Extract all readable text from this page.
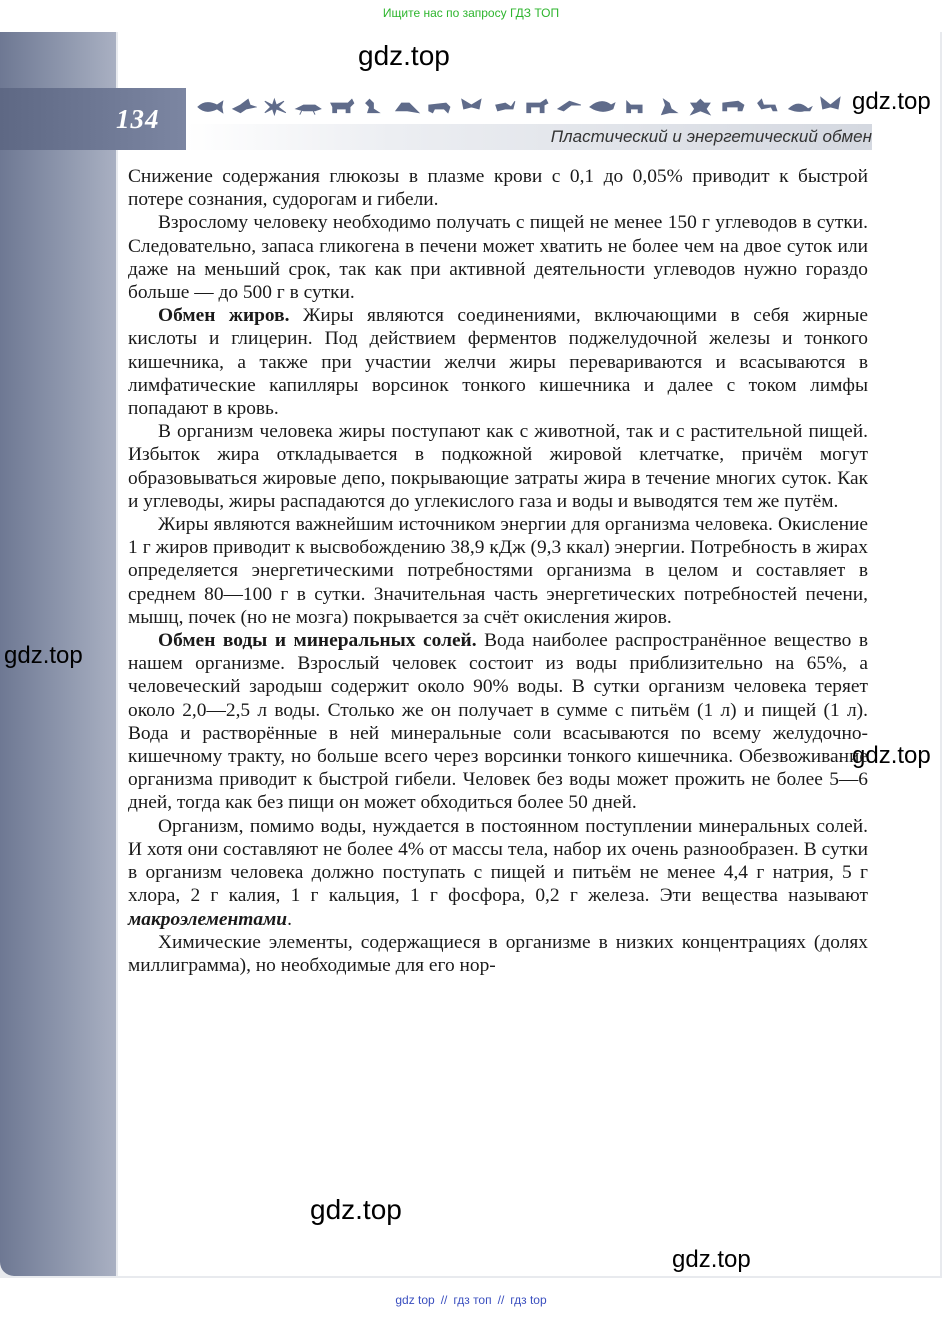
Ищите нас по запросу ГДЗ ТОП
134
Пластический и энергетический обмен
gdz.top
gdz.top
gdz.top
gdz.top
gdz.top
gdz.top

Снижение содержания глюкозы в плазме крови с 0,1 до 0,05% приводит к быстрой потере сознания, судорогам и гибели.

Взрослому человеку необходимо получать с пищей не менее 150 г углеводов в сутки. Следовательно, запаса гликогена в печени может хватить не более чем на двое суток или даже на меньший срок, так как при активной деятельности углеводов нужно гораздо больше — до 500 г в сутки.

Обмен жиров. Жиры являются соединениями, включающими в себя жирные кислоты и глицерин. Под действием ферментов поджелудочной железы и тонкого кишечника, а также при участии желчи жиры перевариваются и всасываются в лимфатические капилляры ворсинок тонкого кишечника и далее с током лимфы попадают в кровь.

В организм человека жиры поступают как с животной, так и с растительной пищей. Избыток жира откладывается в подкожной жировой клетчатке, причём могут образовываться жировые депо, покрывающие затраты жира в течение многих суток. Как и углеводы, жиры распадаются до углекислого газа и воды и выводятся тем же путём.

Жиры являются важнейшим источником энергии для организма человека. Окисление 1 г жиров приводит к высвобождению 38,9 кДж (9,3 ккал) энергии. Потребность в жирах определяется энергетическими потребностями организма в целом и составляет в среднем 80—100 г в сутки. Значительная часть энергетических потребностей печени, мышц, почек (но не мозга) покрывается за счёт окисления жиров.

Обмен воды и минеральных солей. Вода наиболее распространённое вещество в нашем организме. Взрослый человек состоит из воды приблизительно на 65%, а человеческий зародыш содержит около 90% воды. В сутки организм человека теряет около 2,0—2,5 л воды. Столько же он получает в сумме с питьём (1 л) и пищей (1 л). Вода и растворённые в ней минеральные соли всасываются по всему желудочно-кишечному тракту, но больше всего через ворсинки тонкого кишечника. Обезвоживание организма приводит к быстрой гибели. Человек без воды может прожить не более 5—6 дней, тогда как без пищи он может обходиться более 50 дней.

Организм, помимо воды, нуждается в постоянном поступлении минеральных солей. И хотя они составляют не более 4% от массы тела, набор их очень разнообразен. В сутки в организм человека должно поступать с пищей и питьём не менее 4,4 г натрия, 5 г хлора, 2 г калия, 1 г кальция, 1 г фосфора, 0,2 г железа. Эти вещества называют макроэлементами.

Химические элементы, содержащиеся в организме в низких концентрациях (долях миллиграмма), но необходимые для его нор-

gdz top // гдз топ // гдз top
